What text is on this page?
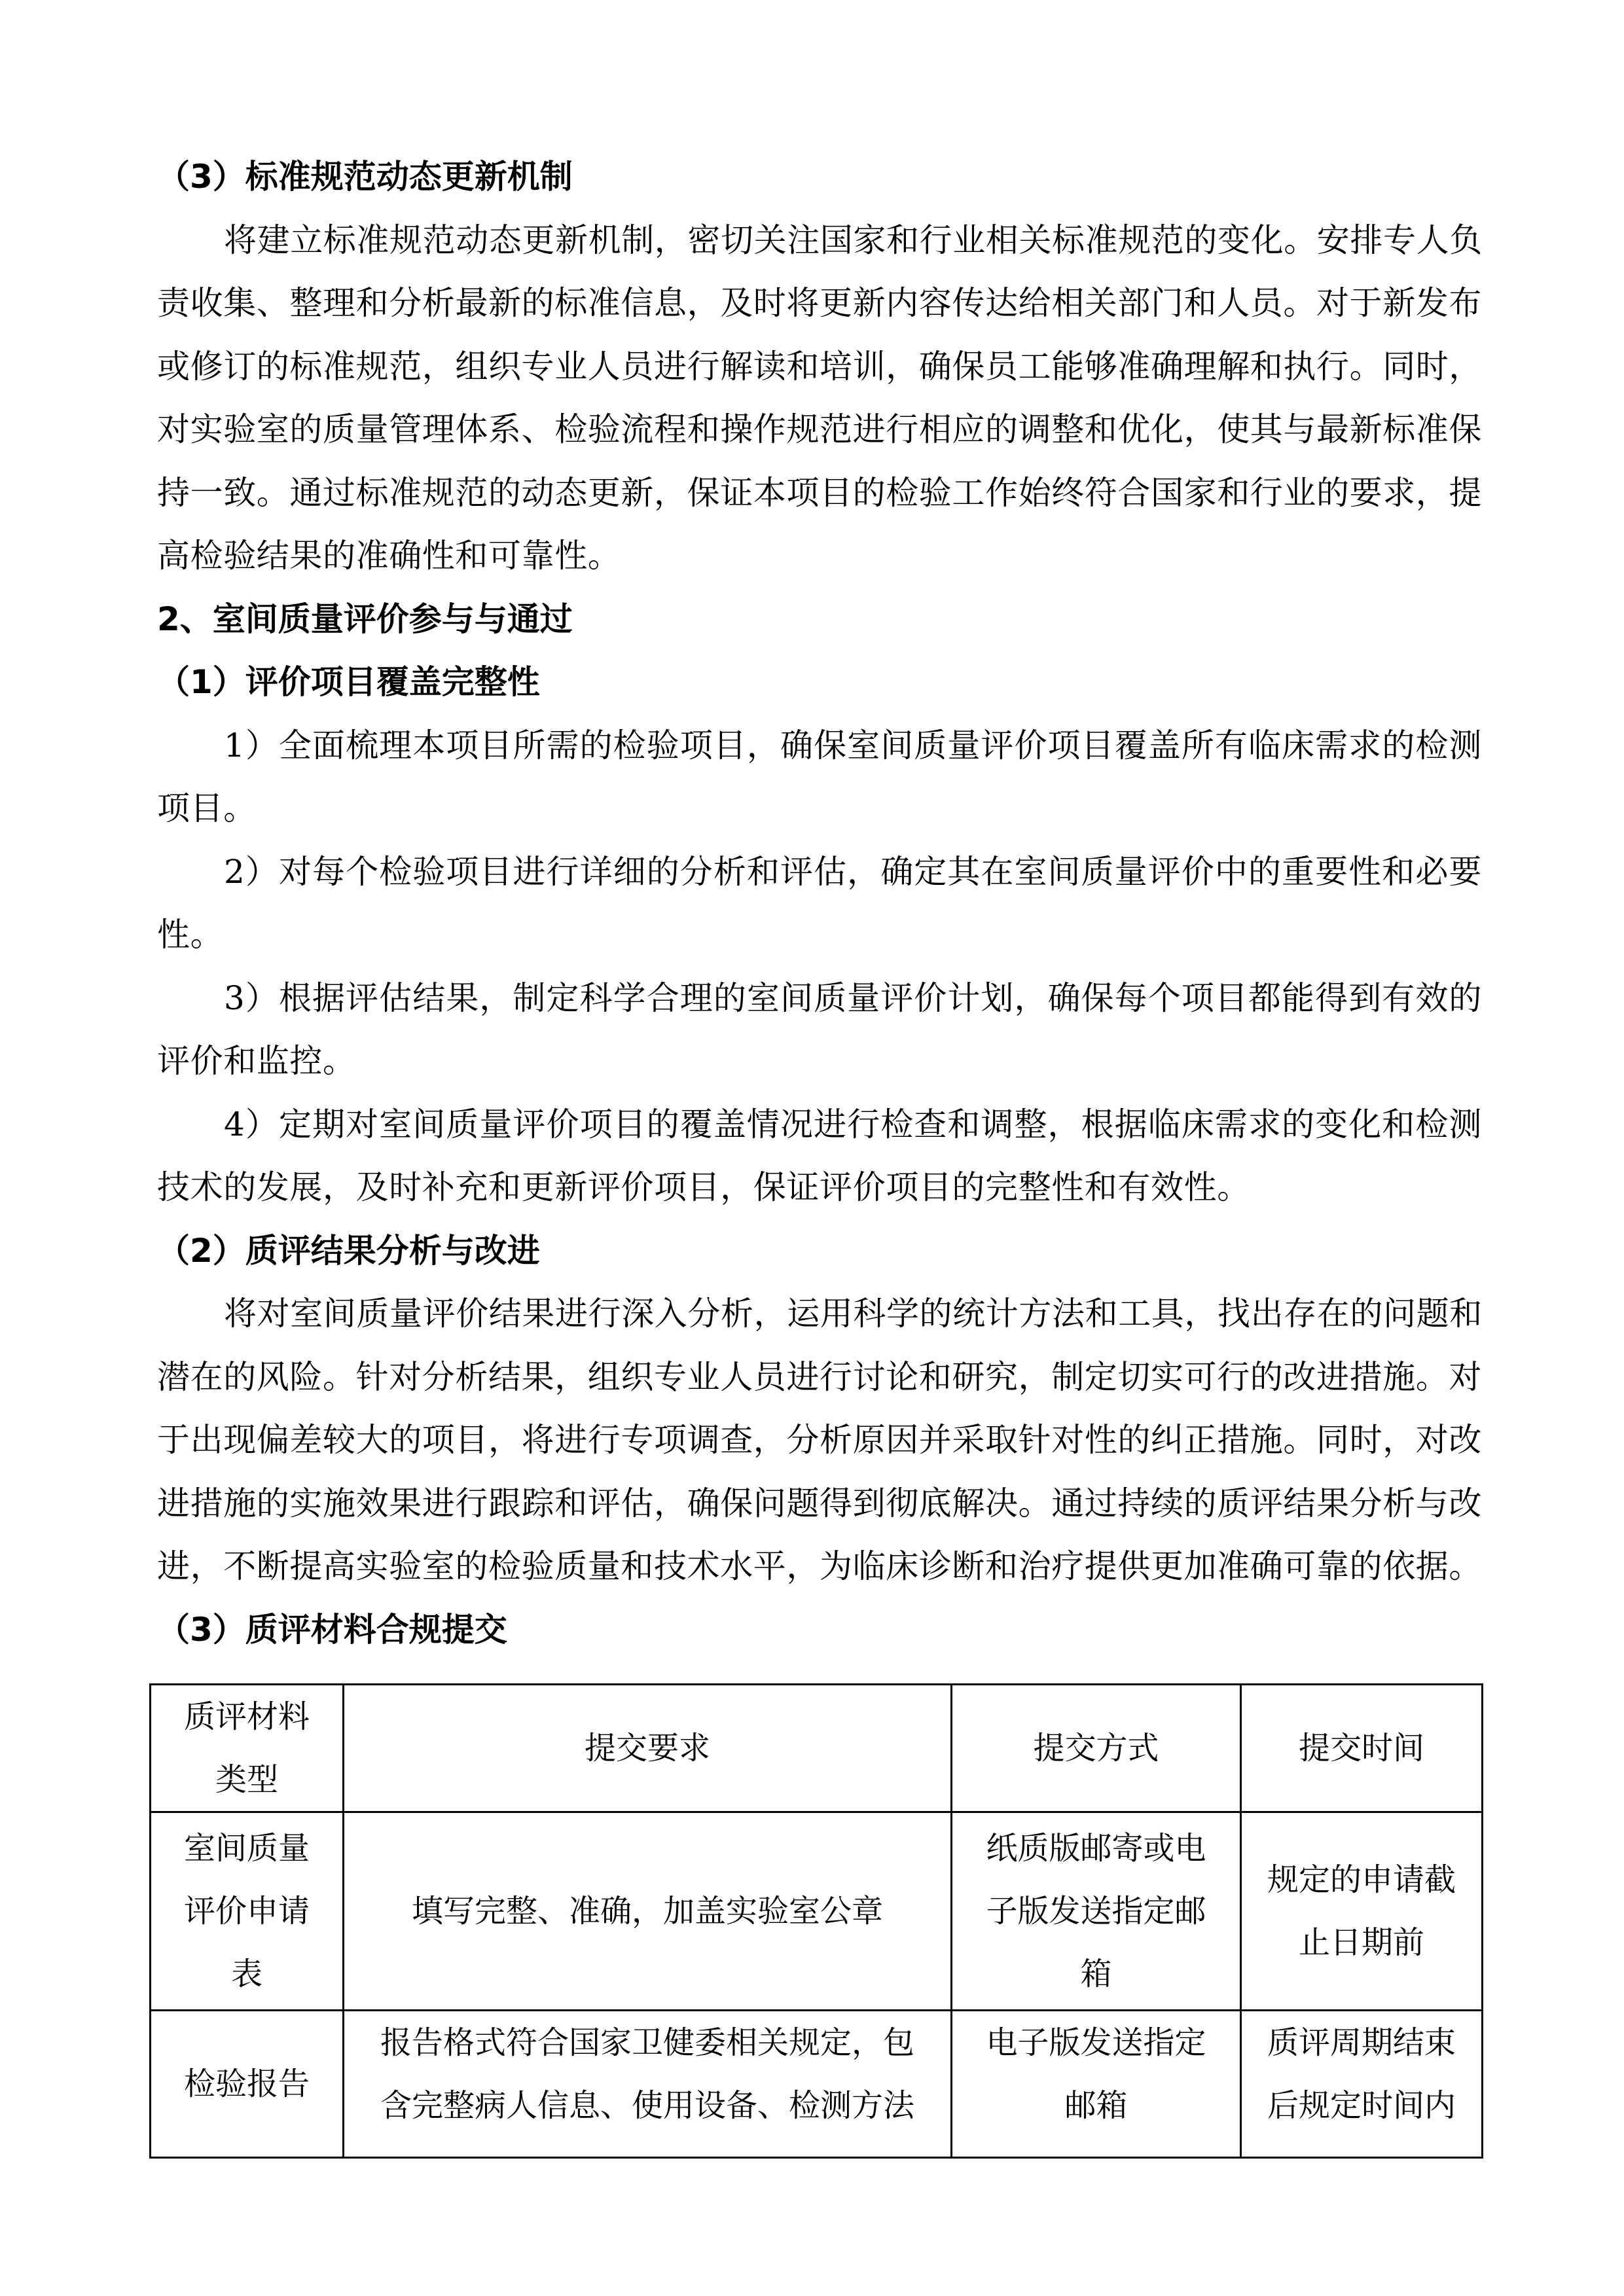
（3）标准规范动态更新机制
将建立标准规范动态更新机制，密切关注国家和行业相关标准规范的变化。安排专人负
责收集、整理和分析最新的标准信息，及时将更新内容传达给相关部门和人员。对于新发布
或修订的标准规范，组织专业人员进行解读和培训，确保员工能够准确理解和执行。同时，
对实验室的质量管理体系、检验流程和操作规范进行相应的调整和优化，使其与最新标准保
持一致。通过标准规范的动态更新，保证本项目的检验工作始终符合国家和行业的要求，提
高检验结果的准确性和可靠性。
2、室间质量评价参与与通过
（1）评价项目覆盖完整性
1）全面梳理本项目所需的检验项目，确保室间质量评价项目覆盖所有临床需求的检测
项目。
2）对每个检验项目进行详细的分析和评估，确定其在室间质量评价中的重要性和必要
性。
3）根据评估结果，制定科学合理的室间质量评价计划，确保每个项目都能得到有效的
评价和监控。
4）定期对室间质量评价项目的覆盖情况进行检查和调整，根据临床需求的变化和检测
技术的发展，及时补充和更新评价项目，保证评价项目的完整性和有效性。
（2）质评结果分析与改进
将对室间质量评价结果进行深入分析，运用科学的统计方法和工具，找出存在的问题和
潜在的风险。针对分析结果，组织专业人员进行讨论和研究，制定切实可行的改进措施。对
于出现偏差较大的项目，将进行专项调查，分析原因并采取针对性的纠正措施。同时，对改
进措施的实施效果进行跟踪和评估，确保问题得到彻底解决。通过持续的质评结果分析与改
进，不断提高实验室的检验质量和技术水平，为临床诊断和治疗提供更加准确可靠的依据。
（3）质评材料合规提交
质评材料
类型	提交要求	提交方式	提交时间

室间质量
评价申请
表	填写完整、准确，加盖实验室公章	纸质版邮寄或电
子版发送指定邮
箱	规定的申请截
止日期前

检验报告	报告格式符合国家卫健委相关规定，包
含完整病人信息、使用设备、检测方法	电子版发送指定
邮箱	质评周期结束
后规定时间内
